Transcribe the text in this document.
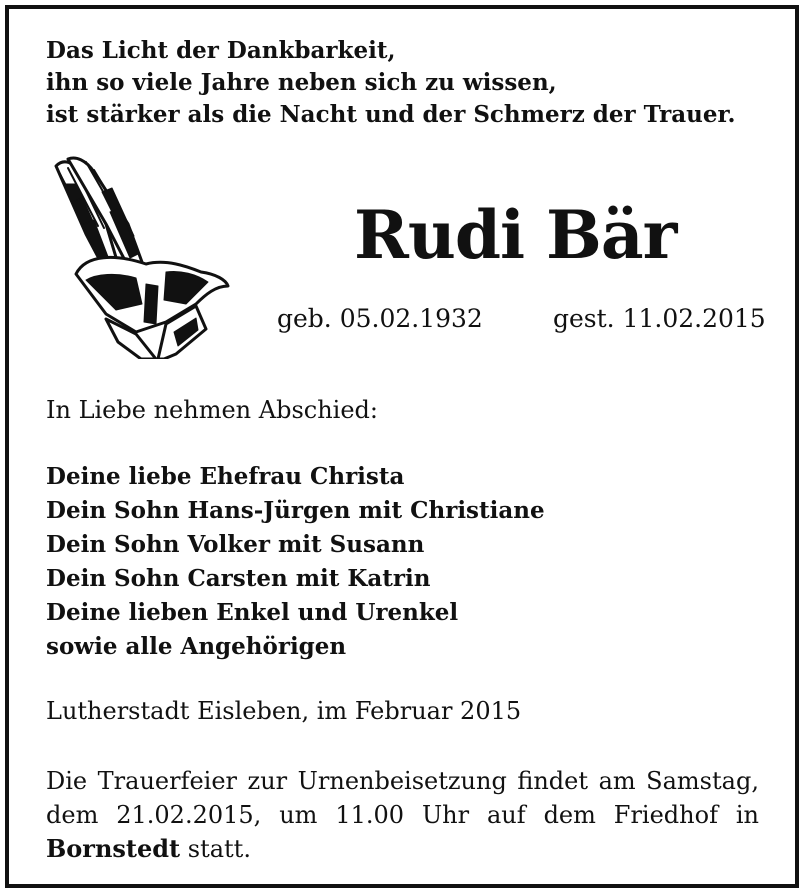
Das Licht der Dankbarkeit,
ihn so viele Jahre neben sich zu wissen,
ist stärker als die Nacht und der Schmerz der Trauer.
Rudi Bär
geb. 05.02.1932	gest. 11.02.2015
In Liebe nehmen Abschied:
Deine liebe Ehefrau Christa
Dein Sohn Hans-Jürgen mit Christiane
Dein Sohn Volker mit Susann
Dein Sohn Carsten mit Katrin
Deine lieben Enkel und Urenkel
sowie alle Angehörigen
Lutherstadt Eisleben, im Februar 2015
Die Trauerfeier zur Urnenbeisetzung findet am Samstag,
dem 21.02.2015, um 11.00 Uhr auf dem Friedhof in
Bornstedt statt.
